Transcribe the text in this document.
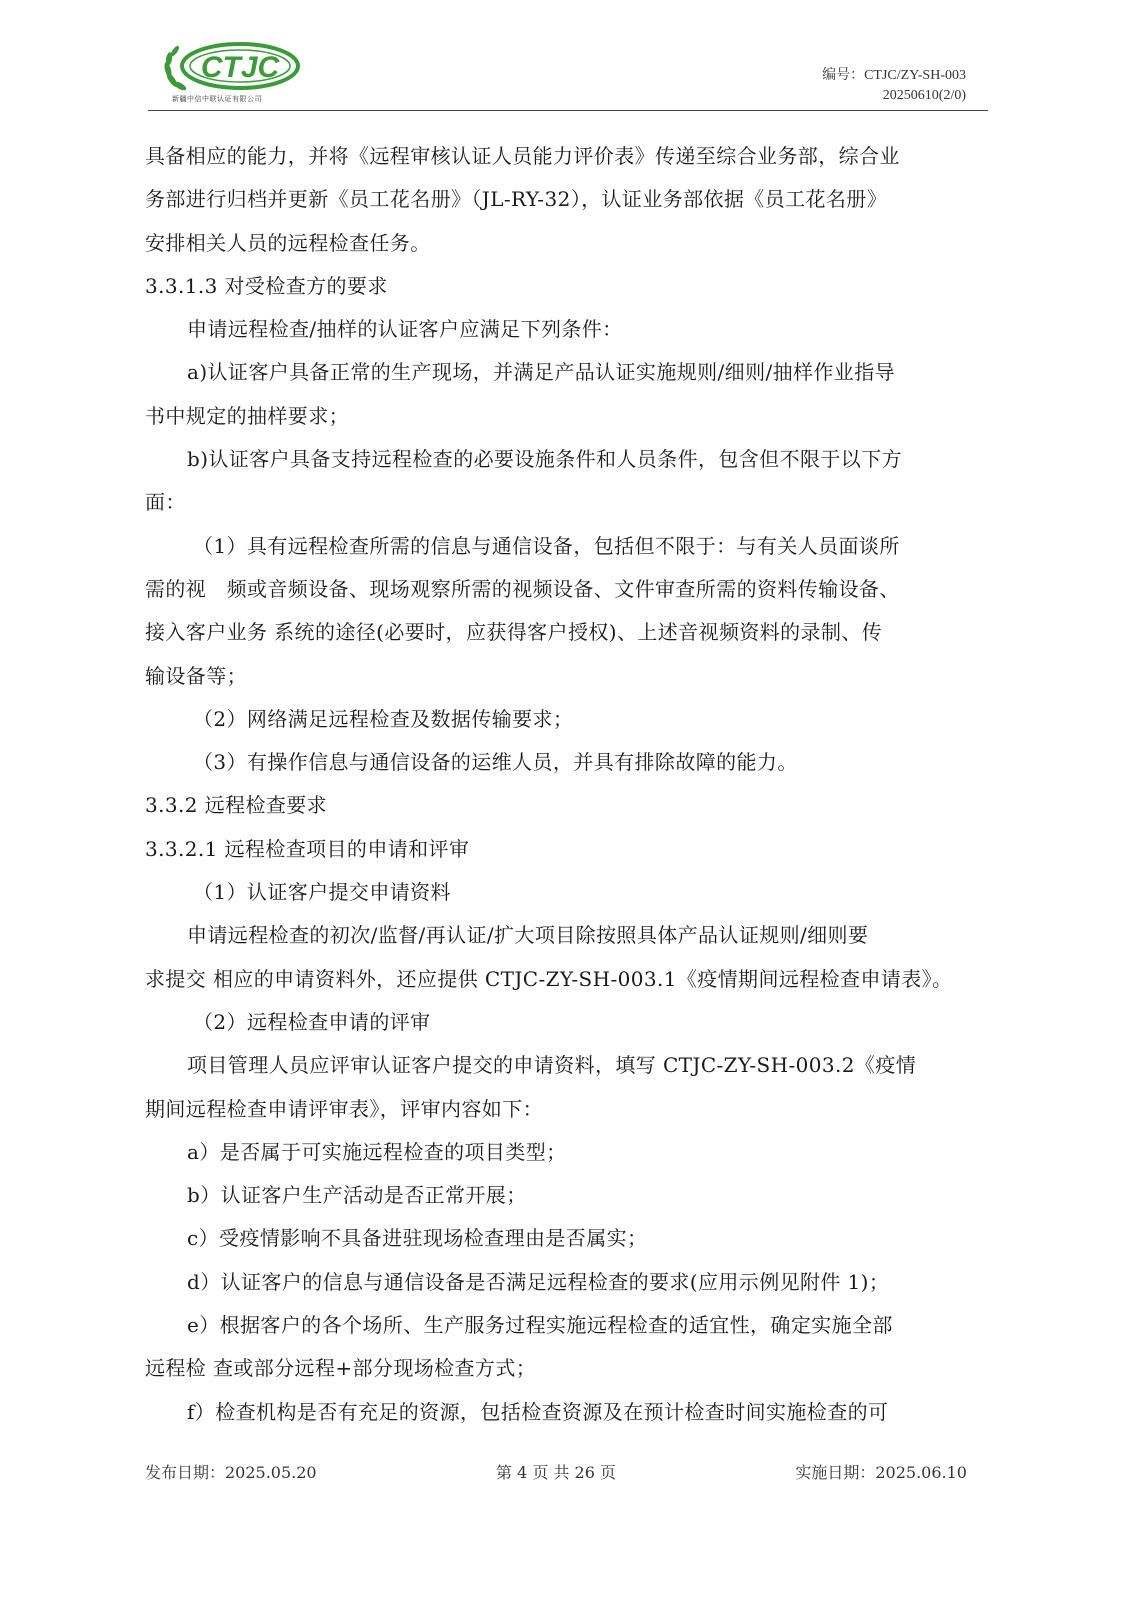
CTJC
新疆中信中联认证有限公司
编号：CTJC/ZY-SH-003
20250610(2/0)
具备相应的能力，并将《远程审核认证人员能力评价表》传递至综合业务部，综合业
务部进行归档并更新《员工花名册》（JL-RY-32），认证业务部依据《员工花名册》
安排相关人员的远程检查任务。
3.3.1.3 对受检查方的要求
申请远程检查/抽样的认证客户应满足下列条件：
a)认证客户具备正常的生产现场，并满足产品认证实施规则/细则/抽样作业指导
书中规定的抽样要求；
b)认证客户具备支持远程检查的必要设施条件和人员条件，包含但不限于以下方
面：
（1）具有远程检查所需的信息与通信设备，包括但不限于：与有关人员面谈所
需的视　频或音频设备、现场观察所需的视频设备、文件审查所需的资料传输设备、
接入客户业务 系统的途径(必要时，应获得客户授权)、上述音视频资料的录制、传
输设备等；
（2）网络满足远程检查及数据传输要求；
（3）有操作信息与通信设备的运维人员，并具有排除故障的能力。
3.3.2 远程检查要求
3.3.2.1 远程检查项目的申请和评审
（1）认证客户提交申请资料
申请远程检查的初次/监督/再认证/扩大项目除按照具体产品认证规则/细则要
求提交 相应的申请资料外，还应提供 CTJC-ZY-SH-003.1《疫情期间远程检查申请表》。
（2）远程检查申请的评审
项目管理人员应评审认证客户提交的申请资料，填写 CTJC-ZY-SH-003.2《疫情
期间远程检查申请评审表》，评审内容如下：
a）是否属于可实施远程检查的项目类型；
b）认证客户生产活动是否正常开展；
c）受疫情影响不具备进驻现场检查理由是否属实；
d）认证客户的信息与通信设备是否满足远程检查的要求(应用示例见附件 1)；
e）根据客户的各个场所、生产服务过程实施远程检查的适宜性，确定实施全部
远程检 查或部分远程+部分现场检查方式；
f）检查机构是否有充足的资源，包括检查资源及在预计检查时间实施检查的可
发布日期：2025.05.20	第 4 页 共 26 页	实施日期：2025.06.10
